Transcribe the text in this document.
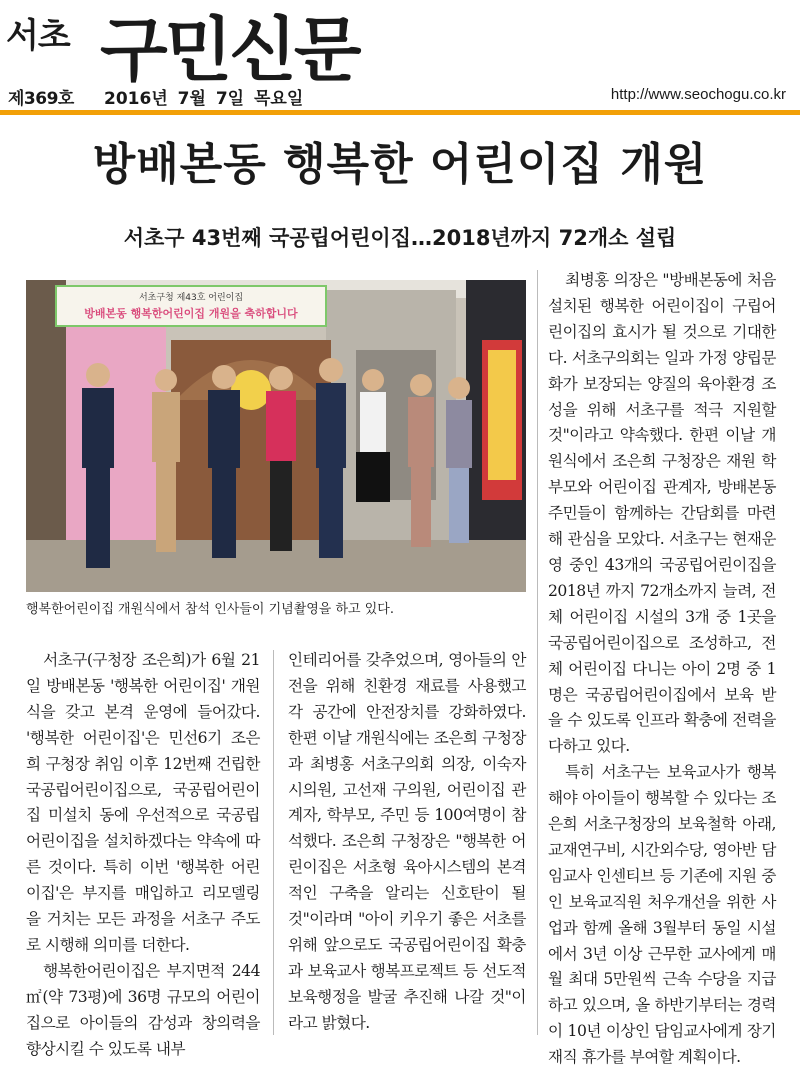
서초 구민신문
제369호 2016년 7월 7일 목요일	http://www.seochogu.co.kr
방배본동 행복한 어린이집 개원
서초구 43번째 국공립어린이집…2018년까지 72개소 설립
서초구청 제43호 어린이집
방배본동 행복한어린이집 개원을 축하합니다
행복한어린이집 개원식에서 참석 인사들이 기념촬영을 하고 있다.

서초구(구청장 조은희)가 6월 21일 방배본동 '행복한 어린이집' 개원식을 갖고 본격 운영에 들어갔다. '행복한 어린이집'은 민선6기 조은희 구청장 취임 이후 12번째 건립한 국공립어린이집으로, 국공립어린이집 미설치 동에 우선적으로 국공립어린이집을 설치하겠다는 약속에 따른 것이다. 특히 이번 '행복한 어린이집'은 부지를 매입하고 리모델링을 거치는 모든 과정을 서초구 주도로 시행해 의미를 더한다.

행복한어린이집은 부지면적 244㎡(약 73평)에 36명 규모의 어린이집으로 아이들의 감성과 창의력을 향상시킬 수 있도록 내부

인테리어를 갖추었으며, 영아들의 안전을 위해 친환경 재료를 사용했고 각 공간에 안전장치를 강화하였다. 한편 이날 개원식에는 조은희 구청장과 최병홍 서초구의회 의장, 이숙자 시의원, 고선재 구의원, 어린이집 관계자, 학부모, 주민 등 100여명이 참석했다. 조은희 구청장은 "행복한 어린이집은 서초형 육아시스템의 본격적인 구축을 알리는 신호탄이 될 것"이라며 "아이 키우기 좋은 서초를 위해 앞으로도 국공립어린이집 확충과 보육교사 행복프로젝트 등 선도적 보육행정을 발굴 추진해 나갈 것"이라고 밝혔다.

최병홍 의장은 "방배본동에 처음 설치된 행복한 어린이집이 구립어린이집의 효시가 될 것으로 기대한다. 서초구의회는 일과 가정 양립문화가 보장되는 양질의 육아환경 조성을 위해 서초구를 적극 지원할 것"이라고 약속했다. 한편 이날 개원식에서 조은희 구청장은 재원 학부모와 어린이집 관계자, 방배본동 주민들이 함께하는 간담회를 마련해 관심을 모았다. 서초구는 현재운영 중인 43개의 국공립어린이집을 2018년 까지 72개소까지 늘려, 전체 어린이집 시설의 3개 중 1곳을 국공립어린이집으로 조성하고, 전체 어린이집 다니는 아이 2명 중 1명은 국공립어린이집에서 보육 받을 수 있도록 인프라 확충에 전력을 다하고 있다.

특히 서초구는 보육교사가 행복해야 아이들이 행복할 수 있다는 조은희 서초구청장의 보육철학 아래, 교재연구비, 시간외수당, 영아반 담임교사 인센티브 등 기존에 지원 중인 보육교직원 처우개선을 위한 사업과 함께 올해 3월부터 동일 시설에서 3년 이상 근무한 교사에게 매월 최대 5만원씩 근속 수당을 지급하고 있으며, 올 하반기부터는 경력이 10년 이상인 담임교사에게 장기재직 휴가를 부여할 계획이다.
